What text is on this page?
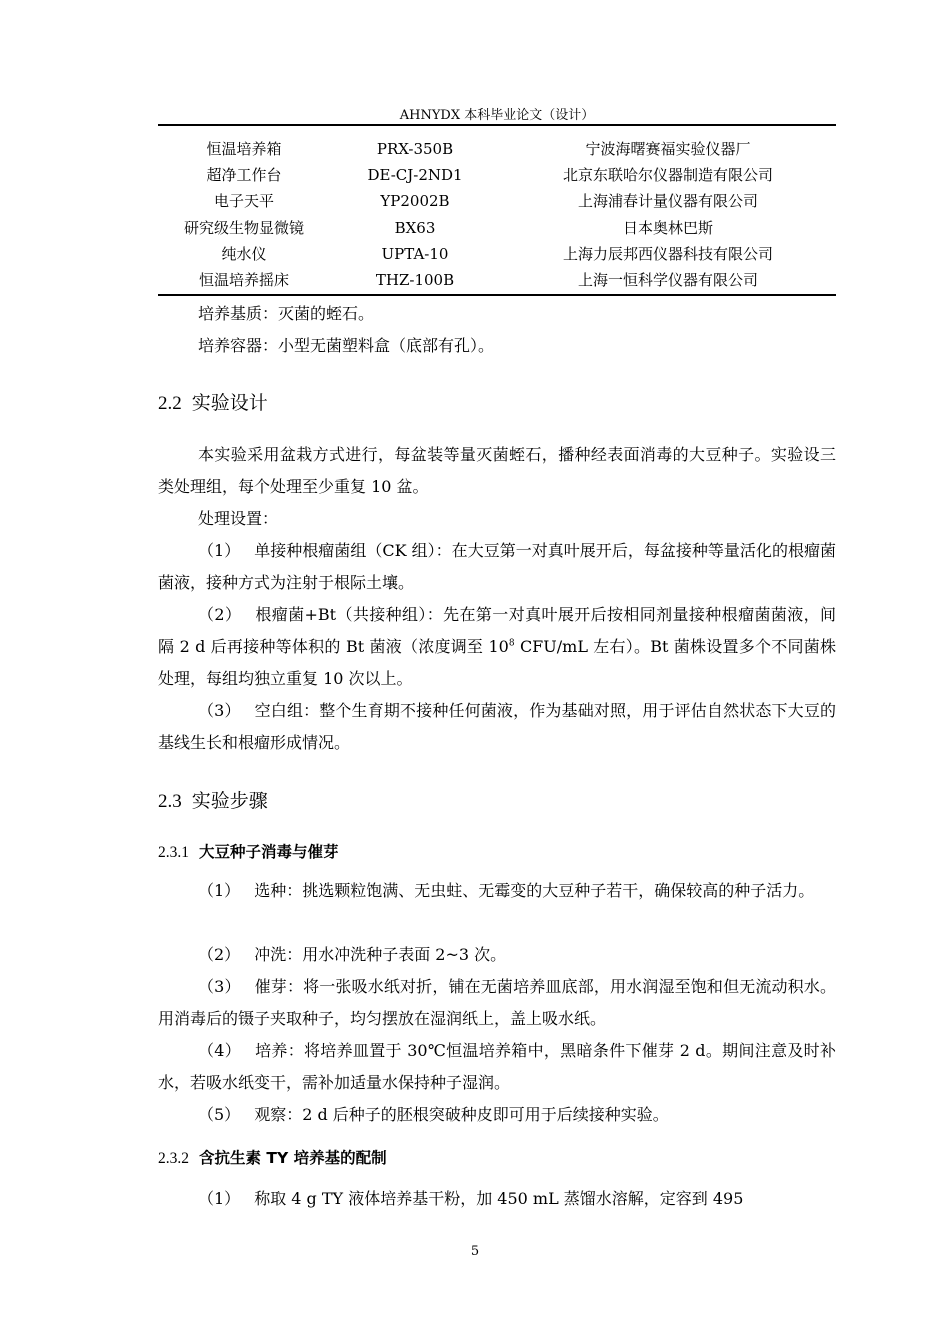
AHNYDX 本科毕业论文（设计）
恒温培养箱	PRX-350B	宁波海曙赛福实验仪器厂
超净工作台	DE-CJ-2ND1	北京东联哈尔仪器制造有限公司
电子天平	YP2002B	上海浦春计量仪器有限公司
研究级生物显微镜	BX63	日本奥林巴斯
纯水仪	UPTA-10	上海力辰邦西仪器科技有限公司
恒温培养摇床	THZ-100B	上海一恒科学仪器有限公司
培养基质：灭菌的蛭石。
培养容器：小型无菌塑料盒（底部有孔）。
2.2 实验设计
本实验采用盆栽方式进行，每盆装等量灭菌蛭石，播种经表面消毒的大豆种子。实验设三类处理组，每个处理至少重复 10 盆。
处理设置：
（1） 单接种根瘤菌组（CK 组）：在大豆第一对真叶展开后，每盆接种等量活化的根瘤菌菌液，接种方式为注射于根际土壤。
（2） 根瘤菌+Bt（共接种组）：先在第一对真叶展开后按相同剂量接种根瘤菌菌液，间隔 2 d 后再接种等体积的 Bt 菌液（浓度调至 $10^8$ CFU/mL 左右）。Bt 菌株设置多个不同菌株处理，每组均独立重复 10 次以上。
（3） 空白组：整个生育期不接种任何菌液，作为基础对照，用于评估自然状态下大豆的基线生长和根瘤形成情况。
2.3 实验步骤
2.3.1 大豆种子消毒与催芽
（1） 选种：挑选颗粒饱满、无虫蛀、无霉变的大豆种子若干，确保较高的种子活力。
（2） 冲洗：用水冲洗种子表面 2~3 次。
（3） 催芽：将一张吸水纸对折，铺在无菌培养皿底部，用水润湿至饱和但无流动积水。用消毒后的镊子夹取种子，均匀摆放在湿润纸上，盖上吸水纸。
（4） 培养：将培养皿置于 30℃恒温培养箱中，黑暗条件下催芽 2 d。期间注意及时补水，若吸水纸变干，需补加适量水保持种子湿润。
（5） 观察：2 d 后种子的胚根突破种皮即可用于后续接种实验。
2.3.2 含抗生素 TY 培养基的配制
（1） 称取 4 g TY 液体培养基干粉，加 450 mL 蒸馏水溶解，定容到 495
5
